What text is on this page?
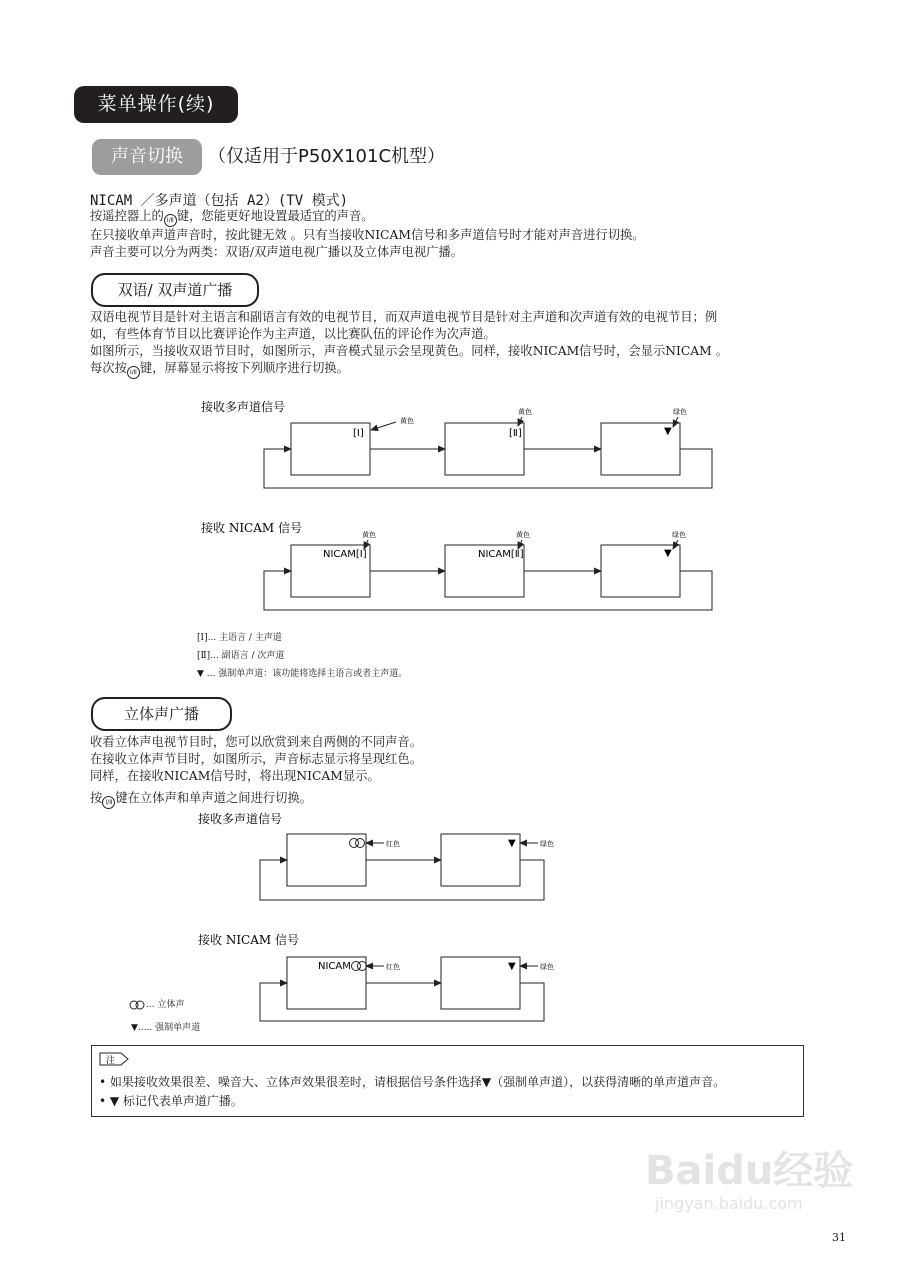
菜单操作(续)
声音切换	（仅适用于P50X101C机型）
NICAM ／多声道（包括 A2）(TV 模式)
按遥控器上的 Ⅰ/Ⅱ 键，您能更好地设置最适宜的声音。
在只接收单声道声音时，按此键无效 。只有当接收NICAM信号和多声道信号时才能对声音进行切换。
声音主要可以分为两类：双语/双声道电视广播以及立体声电视广播。
双语/ 双声道广播
双语电视节目是针对主语言和副语言有效的电视节目，而双声道电视节目是针对主声道和次声道有效的电视节目；例
如，有些体育节目以比赛评论作为主声道，以比赛队伍的评论作为次声道。
如图所示，当接收双语节目时，如图所示，声音模式显示会呈现黄色。同样，接收NICAM信号时，会显示NICAM 。
每次按 Ⅰ/Ⅱ 键，屏幕显示将按下列顺序进行切换。
接收多声道信号
[Ⅰ]	[Ⅱ]	▼
黄色
黄色	绿色
接收 NICAM 信号
NICAM[Ⅰ]	NICAM[Ⅱ]	▼
黄色	黄色	绿色
接收多声道信号
▼
红色	绿色
接收 NICAM 信号
NICAM	▼
红色	绿色
[Ⅰ]... 主语言 / 主声道
[Ⅱ]... 副语言 / 次声道
▼ ... 强制单声道：该功能将选择主语言或者主声道。
立体声广播
收看立体声电视节目时，您可以欣赏到来自两侧的不同声音。
在接收立体声节目时，如图所示，声音标志显示将呈现红色。
同样，在接收NICAM信号时，将出现NICAM显示。
按 Ⅰ/Ⅱ 键在立体声和单声道之间进行切换。
... 立体声
▼..... 强制单声道
注
• 如果接收效果很差、噪音大、立体声效果很差时，请根据信号条件选择▼（强制单声道），以获得清晰的单声道声音。
• ▼ 标记代表单声道广播。
Baidu经验
jingyan.baidu.com
31
